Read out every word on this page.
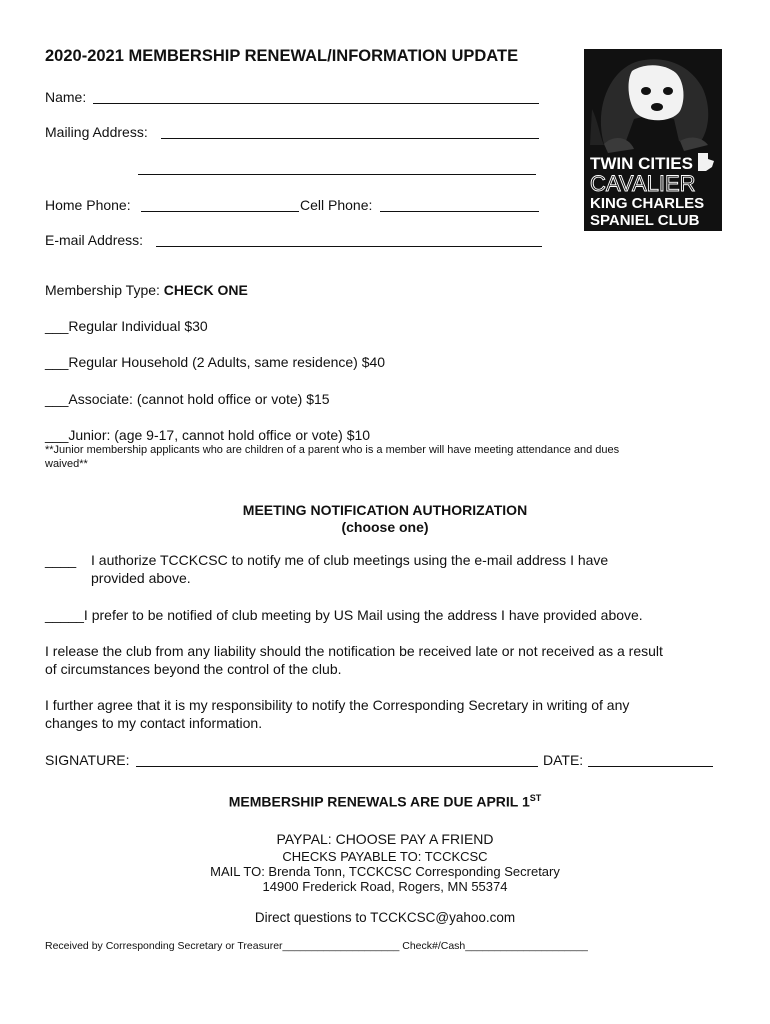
2020-2021 MEMBERSHIP RENEWAL/INFORMATION UPDATE
TWIN CITIES
CAVALIER
KING CHARLES
SPANIEL CLUB
Name:
Mailing Address:
Home Phone:	Cell Phone:
E-mail Address:
Membership Type: CHECK ONE
___Regular Individual $30
___Regular Household (2 Adults, same residence) $40
___Associate: (cannot hold office or vote) $15
___Junior: (age 9-17, cannot hold office or vote) $10
**Junior membership applicants who are children of a parent who is a member will have meeting attendance and dues
waived**
MEETING NOTIFICATION AUTHORIZATION
(choose one)
____ I authorize TCCKCSC to notify me of club meetings using the e-mail address I have
provided above.
_____I prefer to be notified of club meeting by US Mail using the address I have provided above.
I release the club from any liability should the notification be received late or not received as a result
of circumstances beyond the control of the club.
I further agree that it is my responsibility to notify the Corresponding Secretary in writing of any
changes to my contact information.
SIGNATURE:	DATE:
MEMBERSHIP RENEWALS ARE DUE APRIL 1ST
PAYPAL: CHOOSE PAY A FRIEND
CHECKS PAYABLE TO: TCCKCSC
MAIL TO: Brenda Tonn, TCCKCSC Corresponding Secretary
14900 Frederick Road, Rogers, MN 55374
Direct questions to TCCKCSC@yahoo.com
Received by Corresponding Secretary or Treasurer____________________ Check#/Cash_____________________
